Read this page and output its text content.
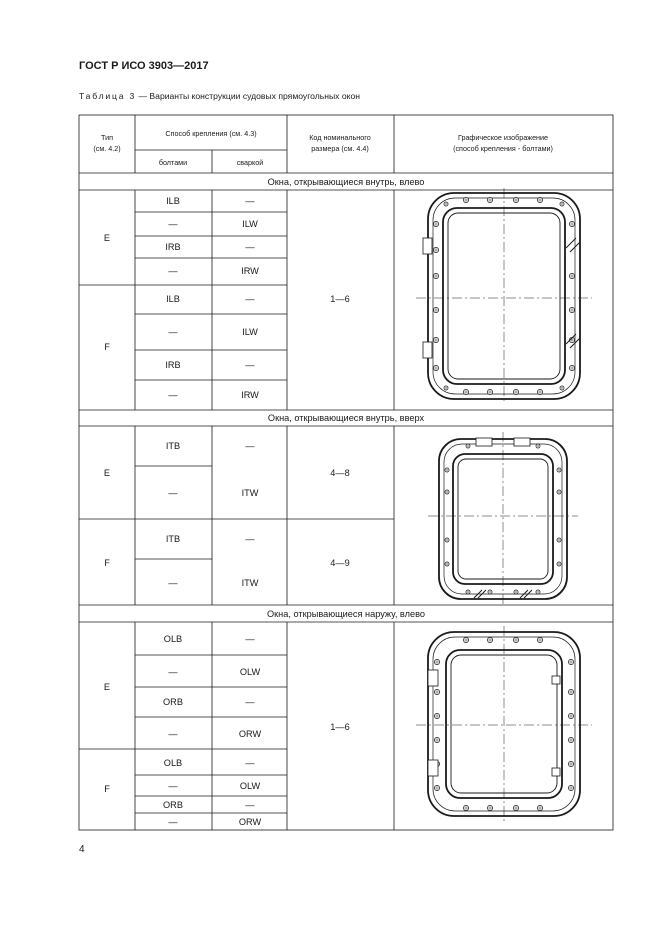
ГОСТ Р ИСО 3903—2017
Таблица 3 — Варианты конструкции судовых прямоугольных окон
Тип
(см. 4.2)
Способ крепления (см. 4.3)
болтами	сваркой
Код номинального
размера (см. 4.4)
Графическое изображение
(способ крепления - болтами)
Окна, открывающиеся внутрь, влево
E
ILB	—
—	ILW
IRB	—
—	IRW
F
ILB	—
—	ILW
IRB	—
—	IRW
1—6
Окна, открывающиеся внутрь, вверх
E
ITB	—
—	ITW
4—8
F
ITB	—
—	ITW
4—9
Окна, открывающиеся наружу, влево
E
OLB	—
—	OLW
ORB	—
—	ORW
1—6
F
OLB	—
—	OLW
ORB	—
—	ORW
4
